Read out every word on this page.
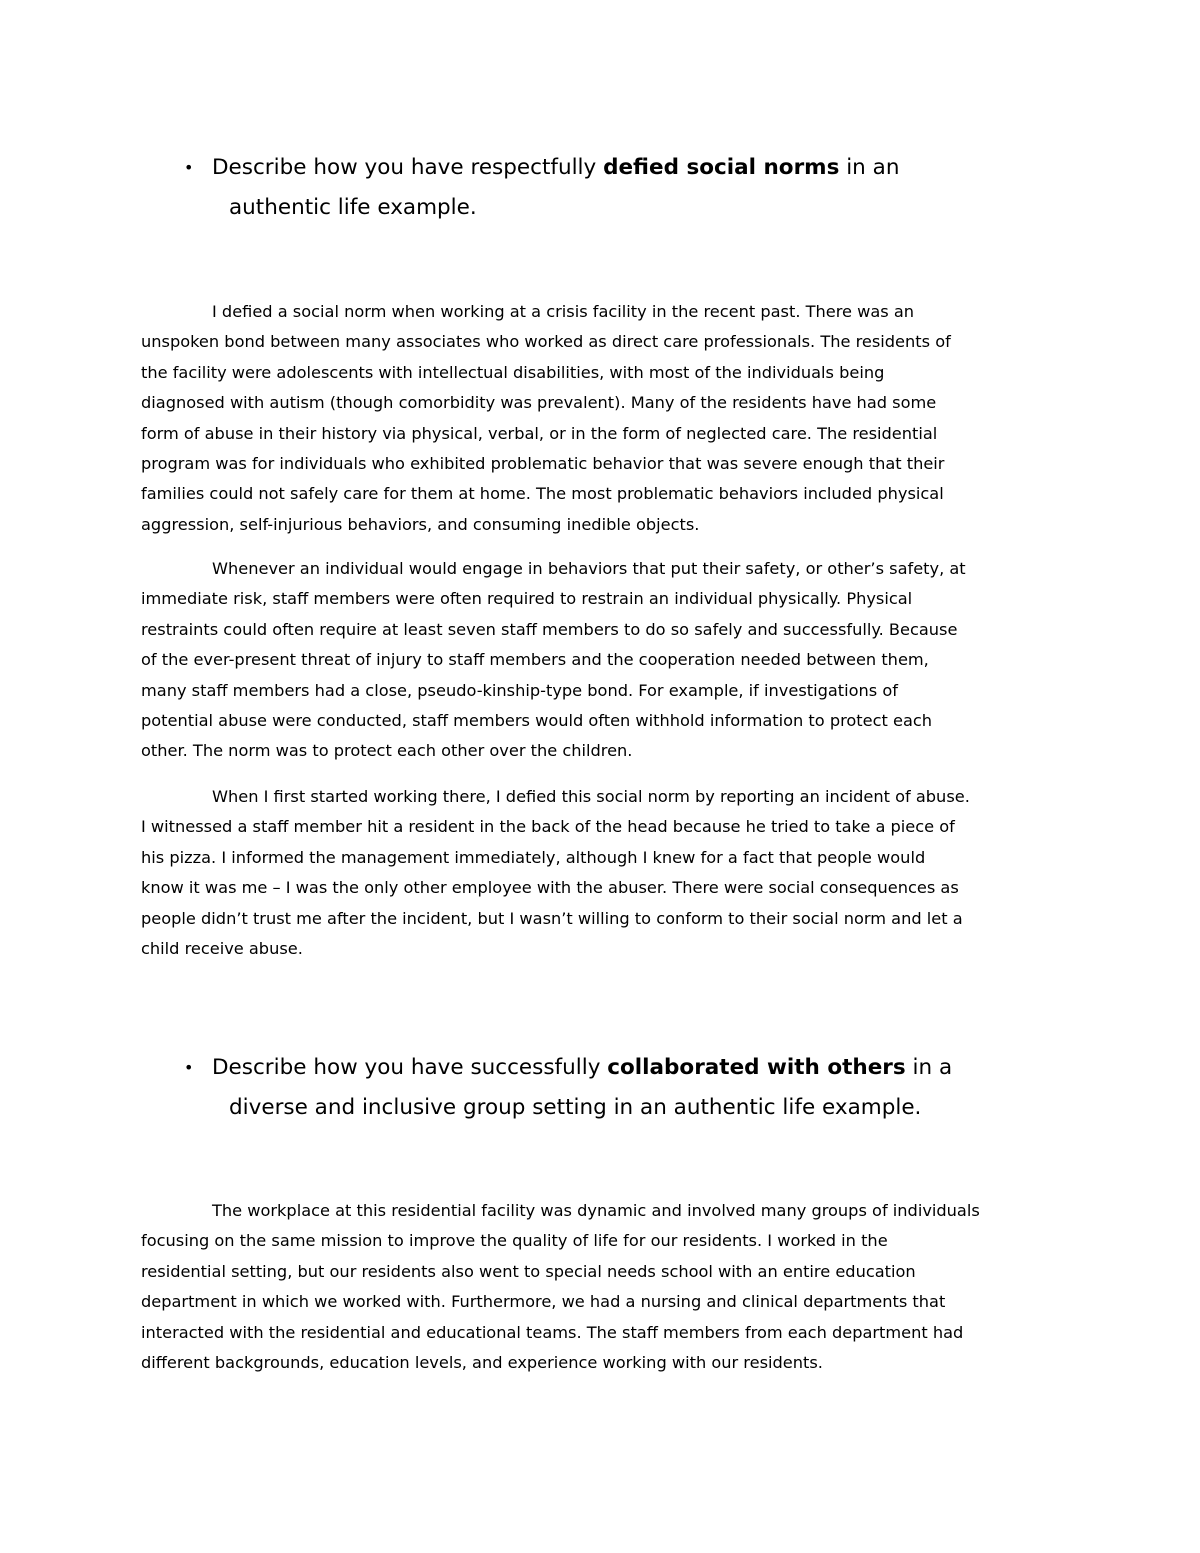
• Describe how you have respectfully defied social norms in an
authentic life example.
I defied a social norm when working at a crisis facility in the recent past. There was an
unspoken bond between many associates who worked as direct care professionals. The residents of
the facility were adolescents with intellectual disabilities, with most of the individuals being
diagnosed with autism (though comorbidity was prevalent). Many of the residents have had some
form of abuse in their history via physical, verbal, or in the form of neglected care. The residential
program was for individuals who exhibited problematic behavior that was severe enough that their
families could not safely care for them at home. The most problematic behaviors included physical
aggression, self-injurious behaviors, and consuming inedible objects.
Whenever an individual would engage in behaviors that put their safety, or other’s safety, at
immediate risk, staff members were often required to restrain an individual physically. Physical
restraints could often require at least seven staff members to do so safely and successfully. Because
of the ever-present threat of injury to staff members and the cooperation needed between them,
many staff members had a close, pseudo-kinship-type bond. For example, if investigations of
potential abuse were conducted, staff members would often withhold information to protect each
other. The norm was to protect each other over the children.
When I first started working there, I defied this social norm by reporting an incident of abuse.
I witnessed a staff member hit a resident in the back of the head because he tried to take a piece of
his pizza. I informed the management immediately, although I knew for a fact that people would
know it was me – I was the only other employee with the abuser. There were social consequences as
people didn’t trust me after the incident, but I wasn’t willing to conform to their social norm and let a
child receive abuse.
• Describe how you have successfully collaborated with others in a
diverse and inclusive group setting in an authentic life example.
The workplace at this residential facility was dynamic and involved many groups of individuals
focusing on the same mission to improve the quality of life for our residents. I worked in the
residential setting, but our residents also went to special needs school with an entire education
department in which we worked with. Furthermore, we had a nursing and clinical departments that
interacted with the residential and educational teams. The staff members from each department had
different backgrounds, education levels, and experience working with our residents.
